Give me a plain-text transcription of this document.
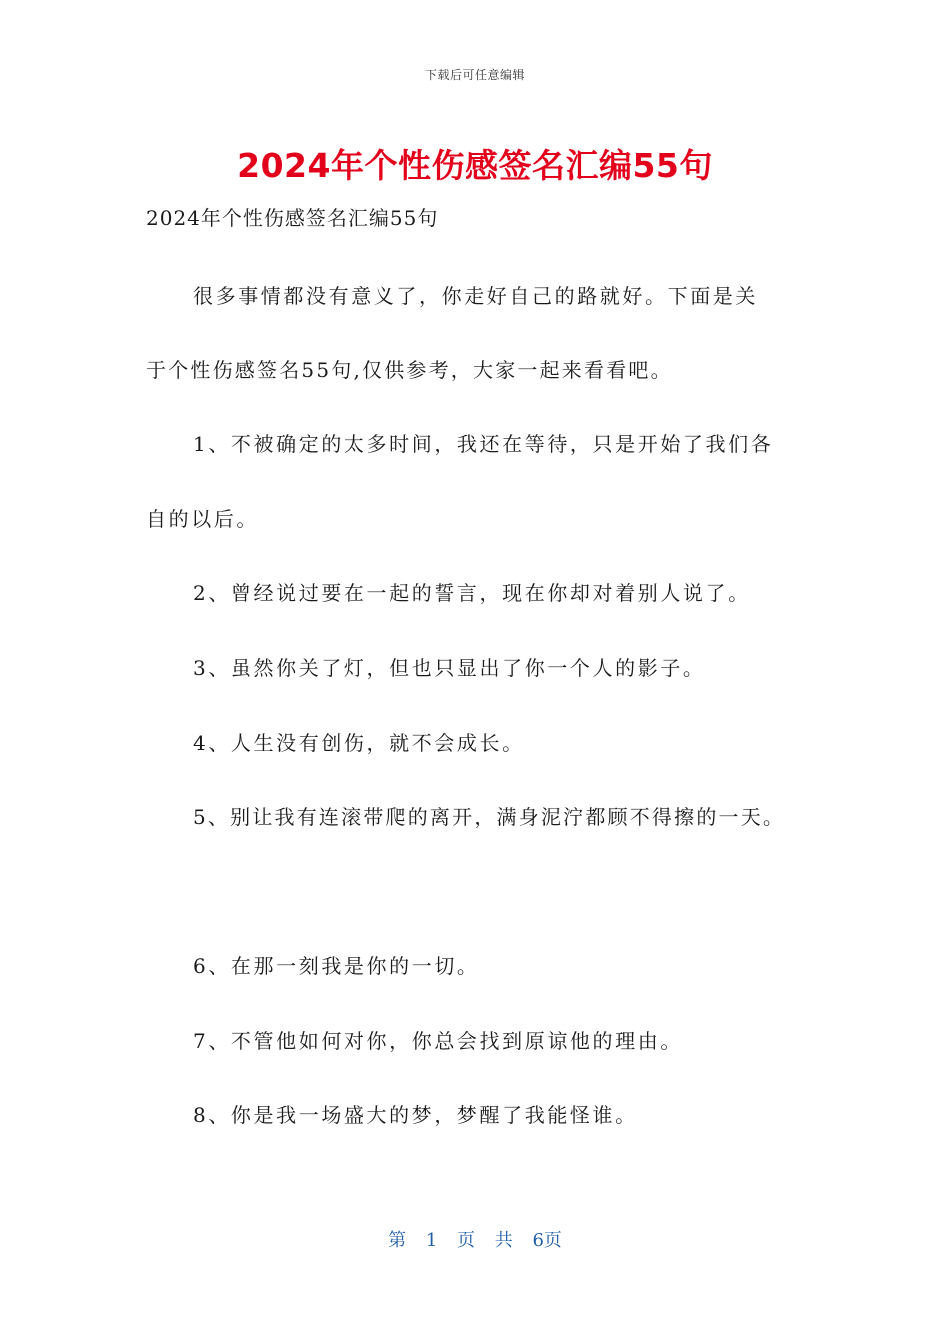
下载后可任意编辑
2024年个性伤感签名汇编55句
2024年个性伤感签名汇编55句
很多事情都没有意义了，你走好自己的路就好。下面是关
于个性伤感签名55句,仅供参考，大家一起来看看吧。
1、不被确定的太多时间，我还在等待，只是开始了我们各
自的以后。
2、曾经说过要在一起的誓言，现在你却对着别人说了。
3、虽然你关了灯，但也只显出了你一个人的影子。
4、人生没有创伤，就不会成长。
5、别让我有连滚带爬的离开，满身泥泞都顾不得擦的一天。
6、在那一刻我是你的一切。
7、不管他如何对你，你总会找到原谅他的理由。
8、你是我一场盛大的梦，梦醒了我能怪谁。
第 1 页 共 6页
